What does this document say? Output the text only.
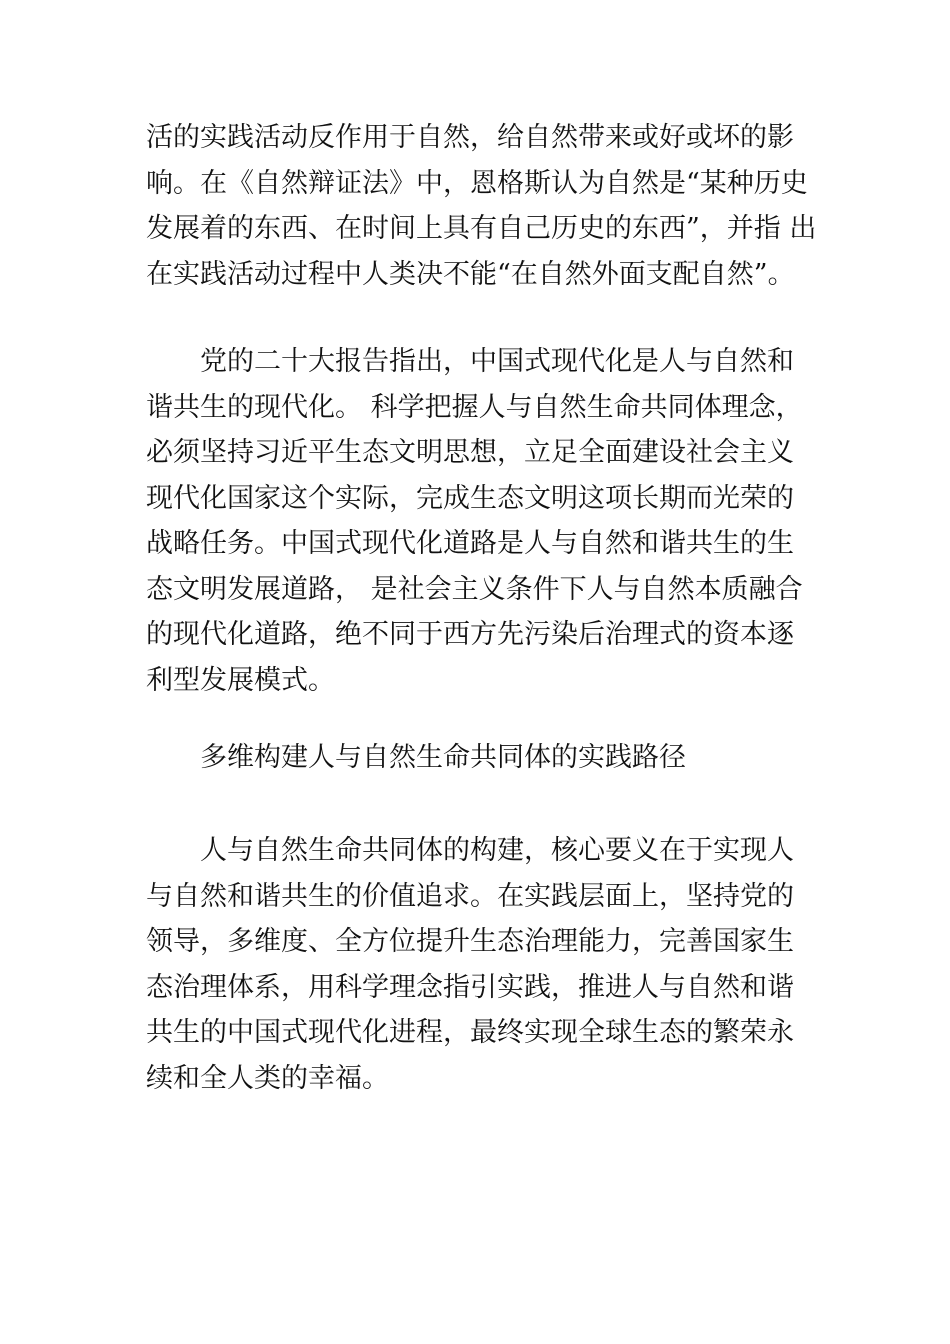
活的实践活动反作用于自然，给自然带来或好或坏的影
响。在《自然辩证法》中，恩格斯认为自然是“某种历史
发展着的东西、在时间上具有自己历史的东西”，并指 出
在实践活动过程中人类决不能“在自然外面支配自然”。

党的二十大报告指出，中国式现代化是人与自然和
谐共生的现代化。 科学把握人与自然生命共同体理念，
必须坚持习近平生态文明思想，立足全面建设社会主义
现代化国家这个实际，完成生态文明这项长期而光荣的
战略任务。中国式现代化道路是人与自然和谐共生的生
态文明发展道路， 是社会主义条件下人与自然本质融合
的现代化道路，绝不同于西方先污染后治理式的资本逐
利型发展模式。

多维构建人与自然生命共同体的实践路径

人与自然生命共同体的构建，核心要义在于实现人
与自然和谐共生的价值追求。在实践层面上，坚持党的
领导，多维度、全方位提升生态治理能力，完善国家生
态治理体系，用科学理念指引实践，推进人与自然和谐
共生的中国式现代化进程，最终实现全球生态的繁荣永
续和全人类的幸福。
